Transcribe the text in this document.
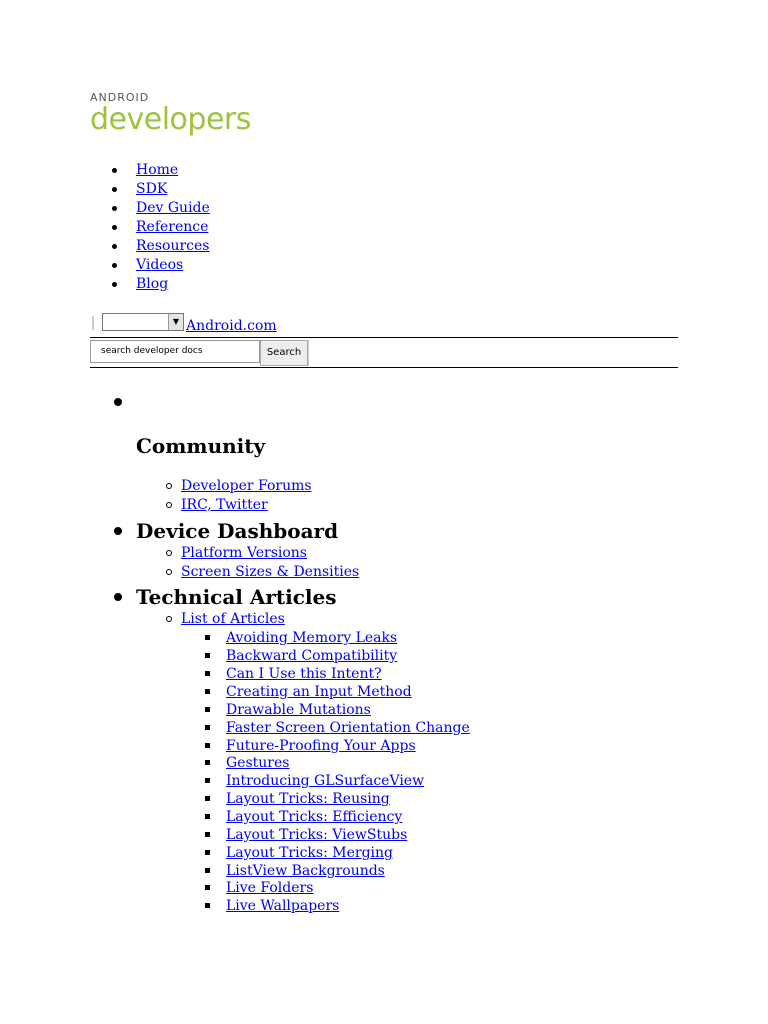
ANDROID
developers
Home
SDK
Dev Guide
Reference
Resources
Videos
Blog
▼ Android.com
search developer docs	Search
Community
Developer Forums
IRC, Twitter
Device Dashboard
Platform Versions
Screen Sizes & Densities
Technical Articles
List of Articles
Avoiding Memory Leaks
Backward Compatibility
Can I Use this Intent?
Creating an Input Method
Drawable Mutations
Faster Screen Orientation Change
Future-Proofing Your Apps
Gestures
Introducing GLSurfaceView
Layout Tricks: Reusing
Layout Tricks: Efficiency
Layout Tricks: ViewStubs
Layout Tricks: Merging
ListView Backgrounds
Live Folders
Live Wallpapers
